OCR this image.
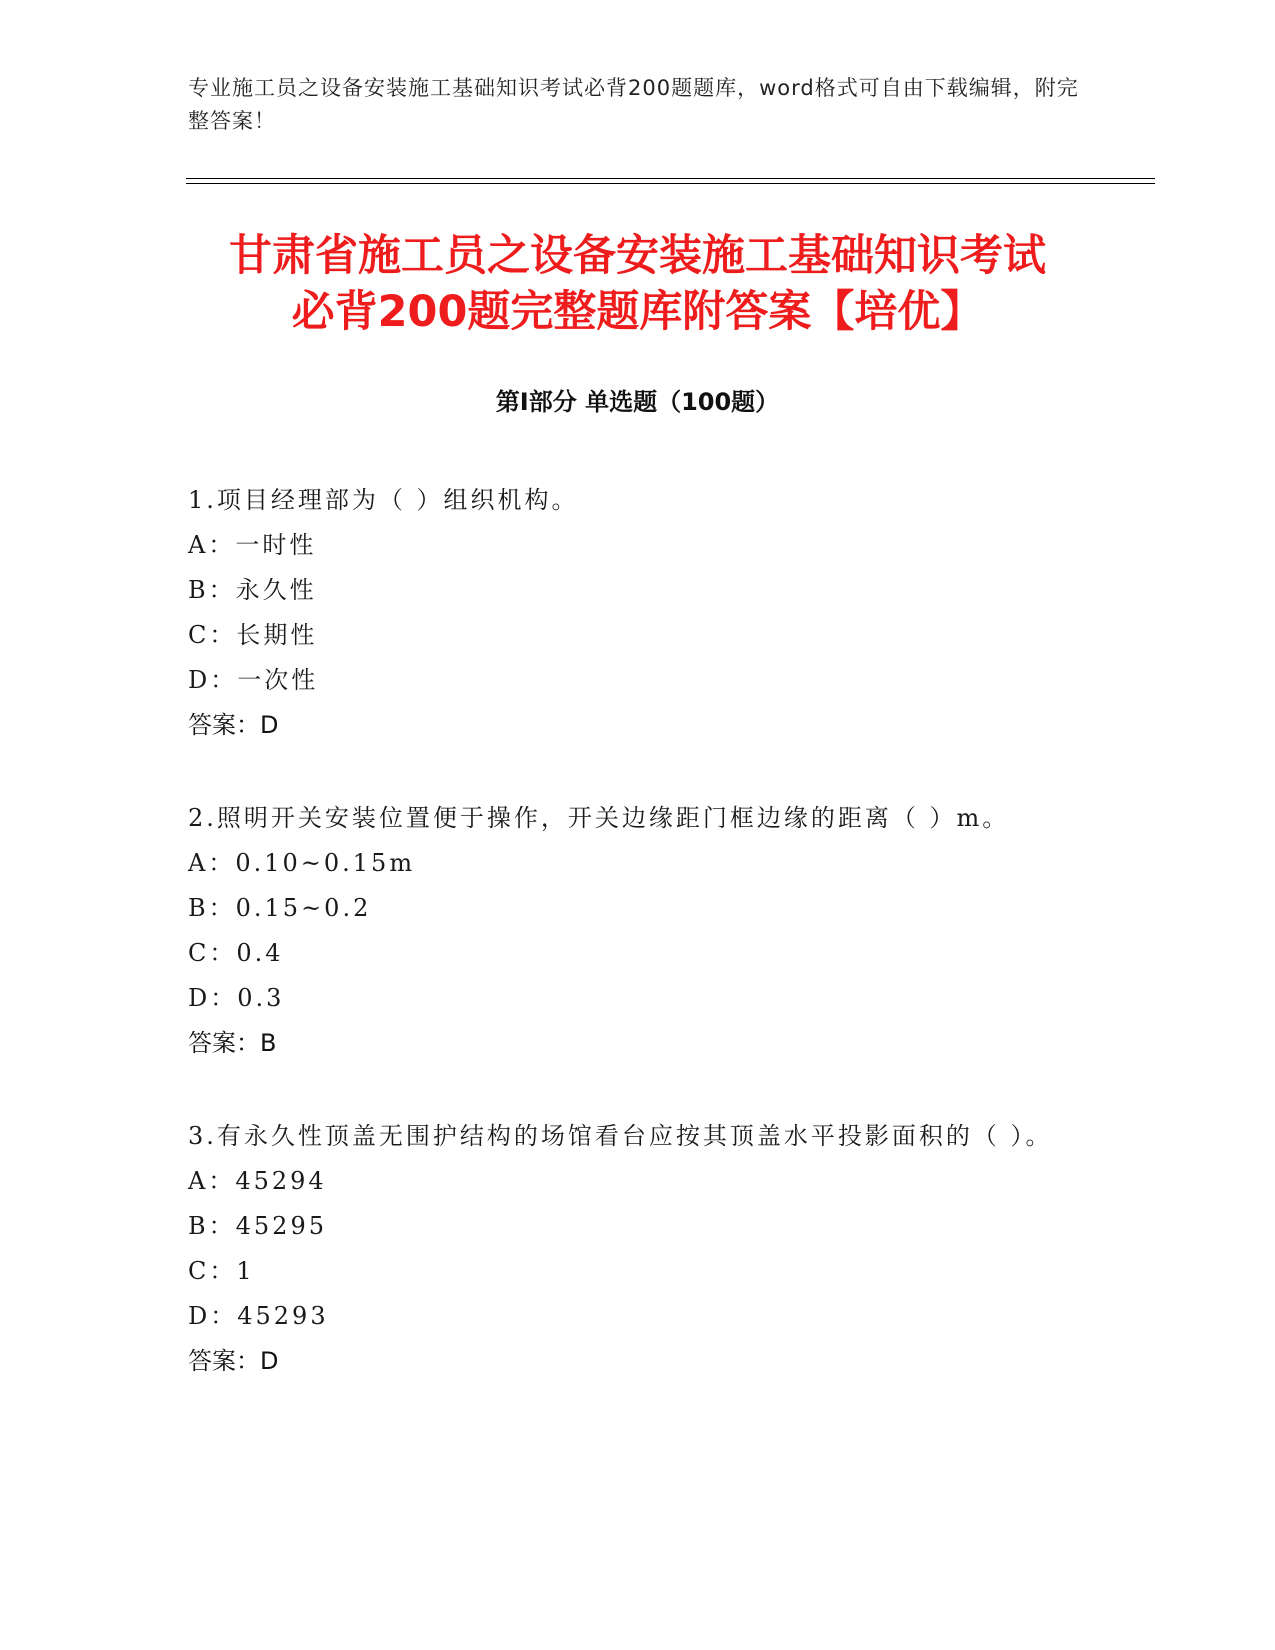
专业施工员之设备安装施工基础知识考试必背200题题库，word格式可自由下载编辑，附完整答案！
甘肃省施工员之设备安装施工基础知识考试
必背200题完整题库附答案【培优】
第Ⅰ部分 单选题（100题）
1.项目经理部为（ ）组织机构。
A：一时性
B：永久性
C：长期性
D：一次性
答案：D
2.照明开关安装位置便于操作，开关边缘距门框边缘的距离（ ）m。
A：0.10~0.15m
B：0.15~0.2
C：0.4
D：0.3
答案：B
3.有永久性顶盖无围护结构的场馆看台应按其顶盖水平投影面积的（ ）。
A：45294
B：45295
C：1
D：45293
答案：D
